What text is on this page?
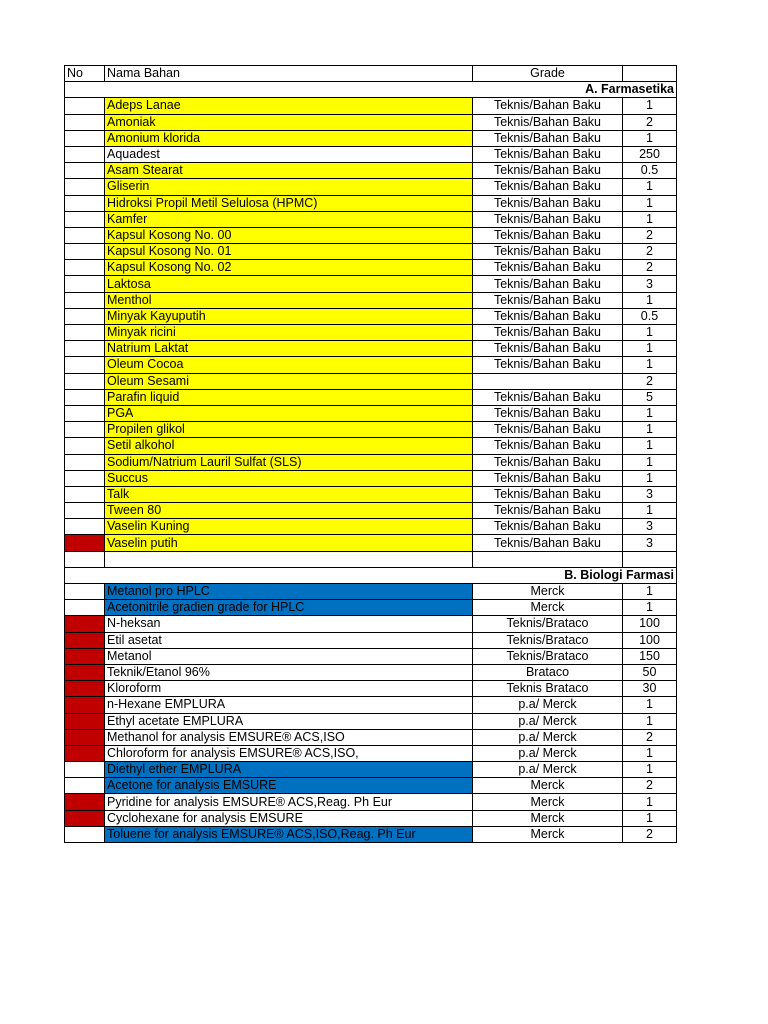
No	Nama Bahan	Grade	
A. Farmasetika			
	Adeps Lanae	Teknis/Bahan Baku	1
	Amoniak	Teknis/Bahan Baku	2
	Amonium klorida	Teknis/Bahan Baku	1
	Aquadest	Teknis/Bahan Baku	250
	Asam Stearat	Teknis/Bahan Baku	0.5
	Gliserin	Teknis/Bahan Baku	1
	Hidroksi Propil Metil Selulosa (HPMC)	Teknis/Bahan Baku	1
	Kamfer	Teknis/Bahan Baku	1
	Kapsul Kosong No. 00	Teknis/Bahan Baku	2
	Kapsul Kosong No. 01	Teknis/Bahan Baku	2
	Kapsul Kosong No. 02	Teknis/Bahan Baku	2
	Laktosa	Teknis/Bahan Baku	3
	Menthol	Teknis/Bahan Baku	1
	Minyak Kayuputih	Teknis/Bahan Baku	0.5
	Minyak ricini	Teknis/Bahan Baku	1
	Natrium Laktat	Teknis/Bahan Baku	1
	Oleum Cocoa	Teknis/Bahan Baku	1
	Oleum Sesami		2
	Parafin liquid	Teknis/Bahan Baku	5
	PGA	Teknis/Bahan Baku	1
	Propilen glikol	Teknis/Bahan Baku	1
	Setil alkohol	Teknis/Bahan Baku	1
	Sodium/Natrium Lauril Sulfat (SLS)	Teknis/Bahan Baku	1
	Succus	Teknis/Bahan Baku	1
	Talk	Teknis/Bahan Baku	3
	Tween 80	Teknis/Bahan Baku	1
	Vaselin Kuning	Teknis/Bahan Baku	3
	Vaselin putih	Teknis/Bahan Baku	3

B. Biologi Farmasi			
	Metanol pro HPLC	Merck	1
	Acetonitrile gradien grade for HPLC	Merck	1
	N-heksan	Teknis/Brataco	100
	Etil asetat	Teknis/Brataco	100
	Metanol	Teknis/Brataco	150
	Teknik/Etanol 96%	Brataco	50
	Kloroform	Teknis Brataco	30
	n-Hexane EMPLURA	p.a/ Merck	1
	Ethyl acetate EMPLURA	p.a/ Merck	1
	Methanol for analysis EMSURE® ACS,ISO	p.a/ Merck	2
	Chloroform for analysis EMSURE® ACS,ISO,	p.a/ Merck	1
	Diethyl ether EMPLURA	p.a/ Merck	1
	Acetone for analysis EMSURE	Merck	2
	Pyridine for analysis EMSURE® ACS,Reag. Ph Eur	Merck	1
	Cyclohexane for analysis EMSURE	Merck	1
	Toluene for analysis EMSURE® ACS,ISO,Reag. Ph Eur	Merck	2
